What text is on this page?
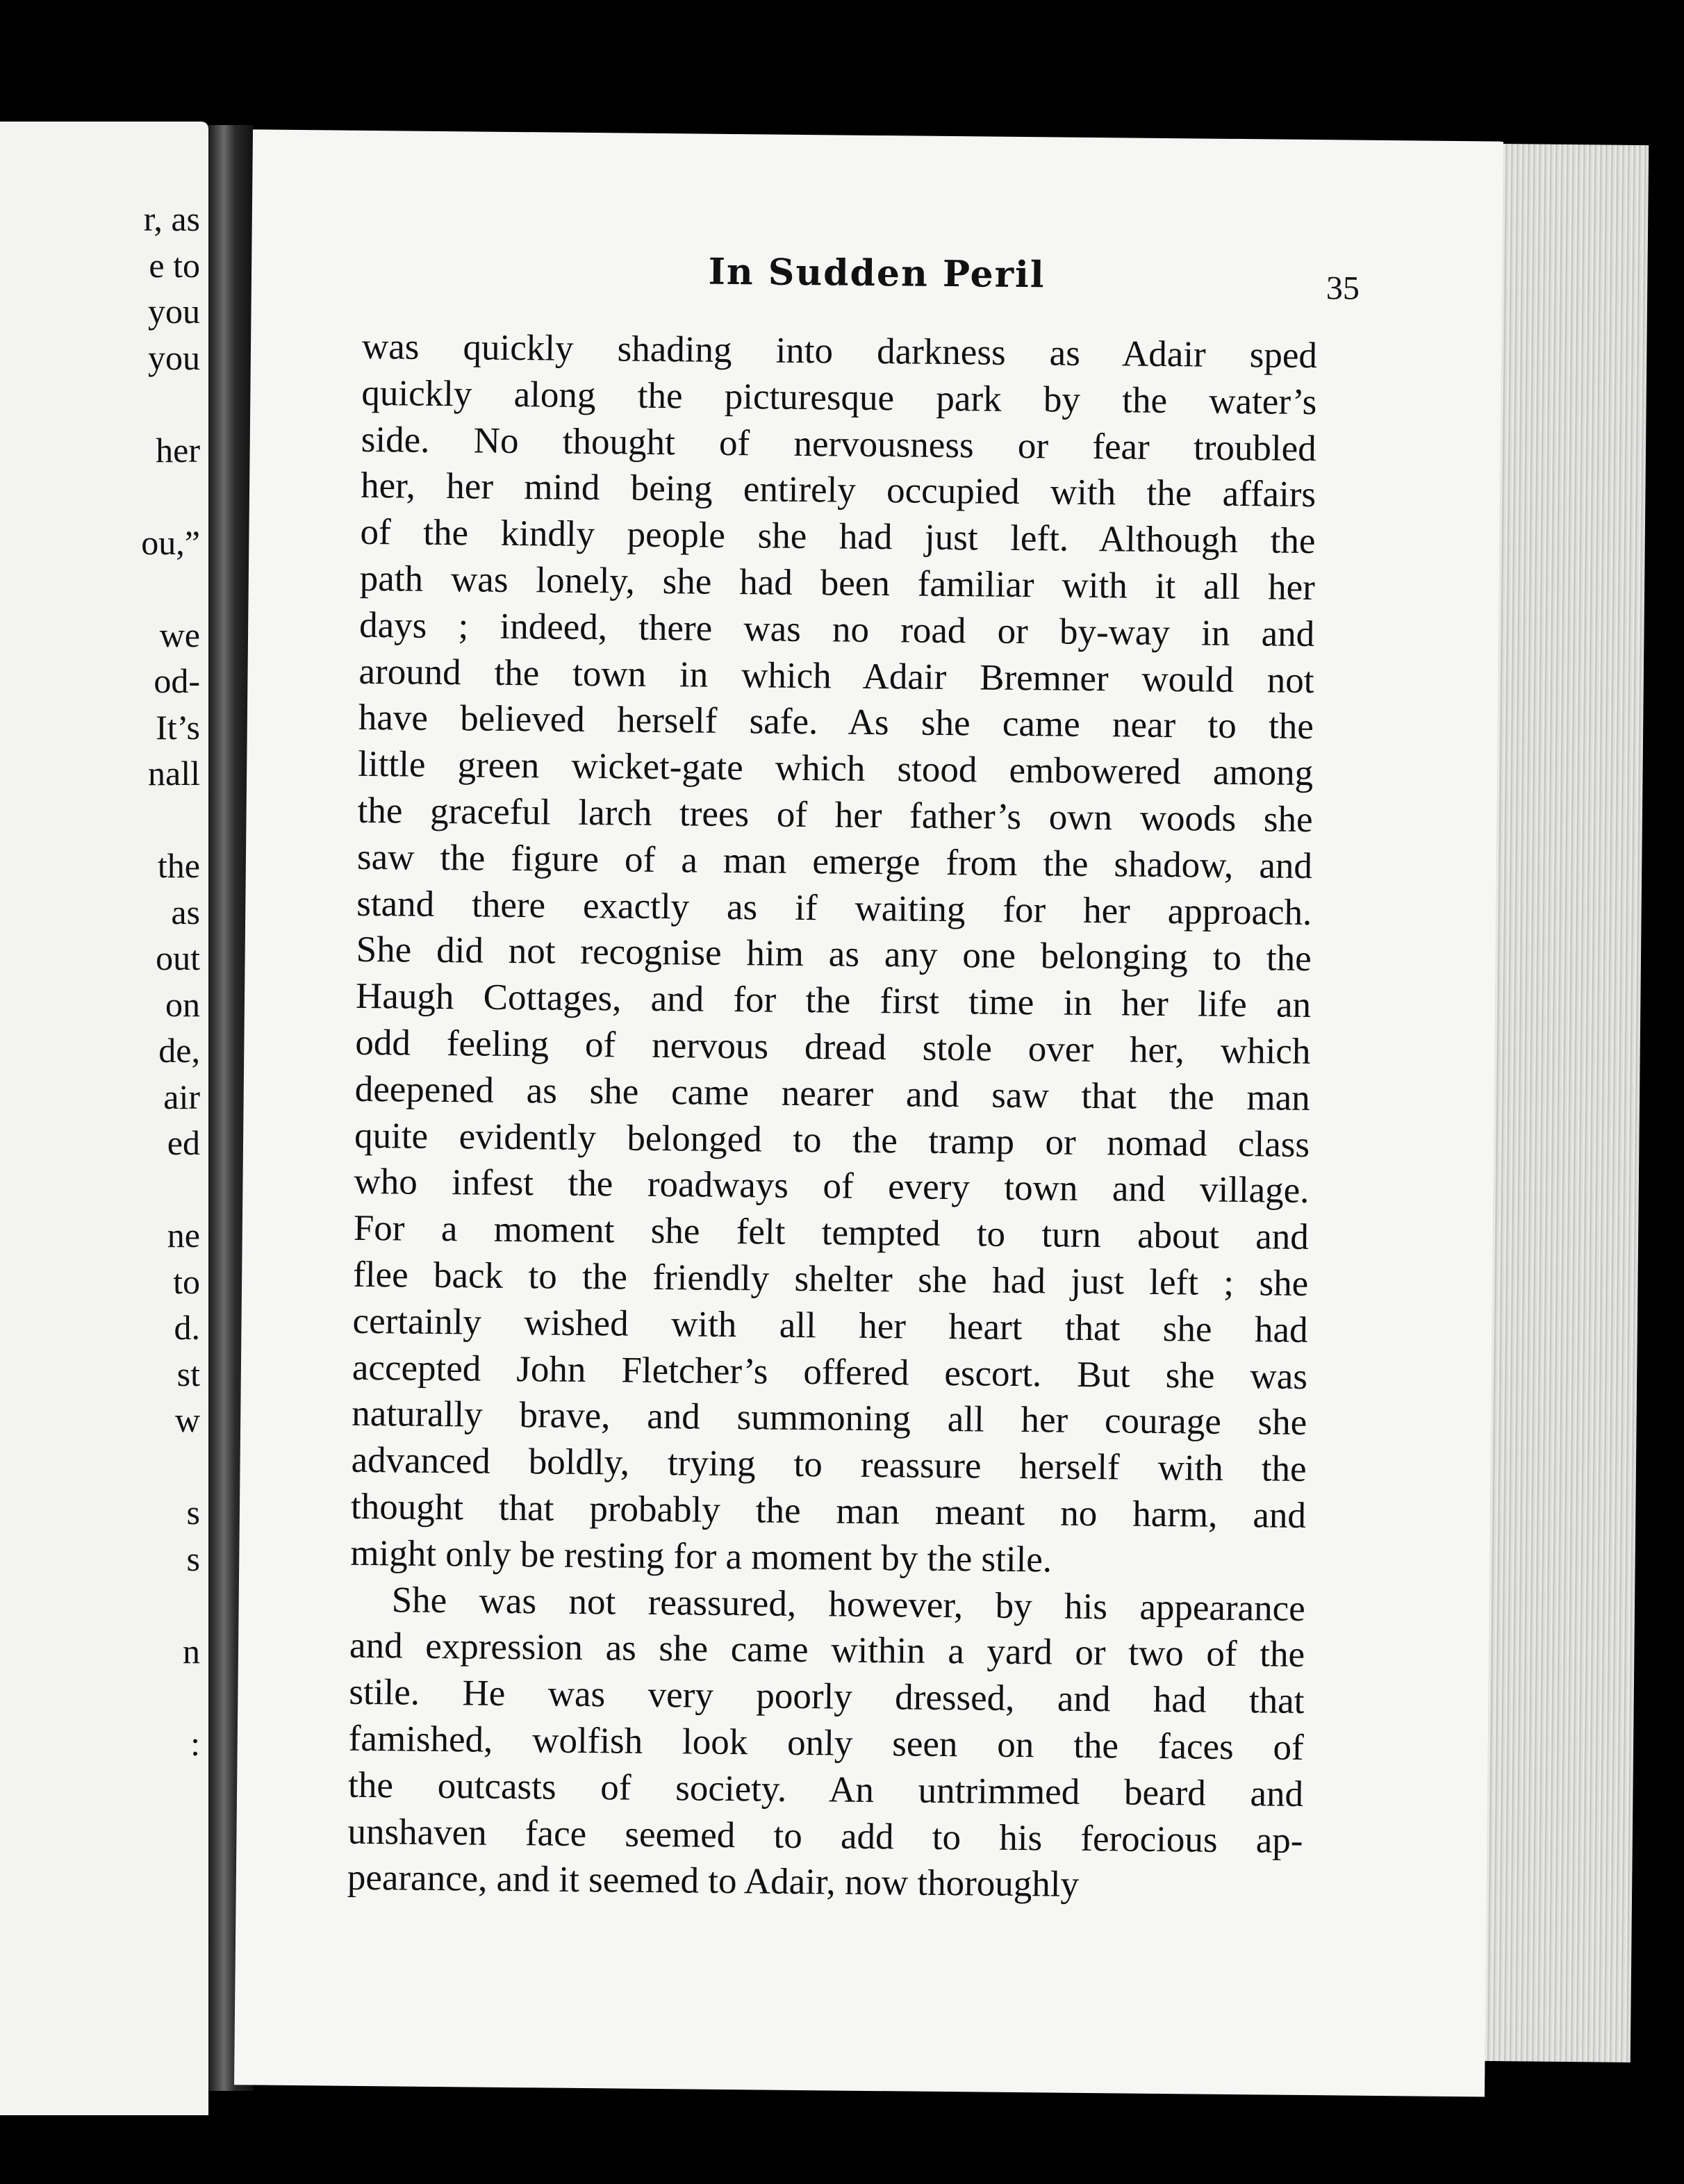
r, as
e to
you
you
her
ou,”
we
od-
It’s
nall
the
as
out
on
de,
air
ed
ne
to
d.
st
w
s
s
n
:
In Sudden Peril	35
was quickly shading into darkness as Adair sped
quickly along the picturesque park by the water’s
side. No thought of nervousness or fear troubled
her, her mind being entirely occupied with the affairs
of the kindly people she had just left. Although the
path was lonely, she had been familiar with it all her
days ; indeed, there was no road or by-way in and
around the town in which Adair Bremner would not
have believed herself safe. As she came near to the
little green wicket-gate which stood embowered among
the graceful larch trees of her father’s own woods she
saw the figure of a man emerge from the shadow, and
stand there exactly as if waiting for her approach.
She did not recognise him as any one belonging to the
Haugh Cottages, and for the first time in her life an
odd feeling of nervous dread stole over her, which
deepened as she came nearer and saw that the man
quite evidently belonged to the tramp or nomad class
who infest the roadways of every town and village.
For a moment she felt tempted to turn about and
flee back to the friendly shelter she had just left ; she
certainly wished with all her heart that she had
accepted John Fletcher’s offered escort. But she was
naturally brave, and summoning all her courage she
advanced boldly, trying to reassure herself with the
thought that probably the man meant no harm, and
might only be resting for a moment by the stile.
She was not reassured, however, by his appearance
and expression as she came within a yard or two of the
stile. He was very poorly dressed, and had that
famished, wolfish look only seen on the faces of
the outcasts of society. An untrimmed beard and
unshaven face seemed to add to his ferocious ap-
pearance, and it seemed to Adair, now thoroughly
